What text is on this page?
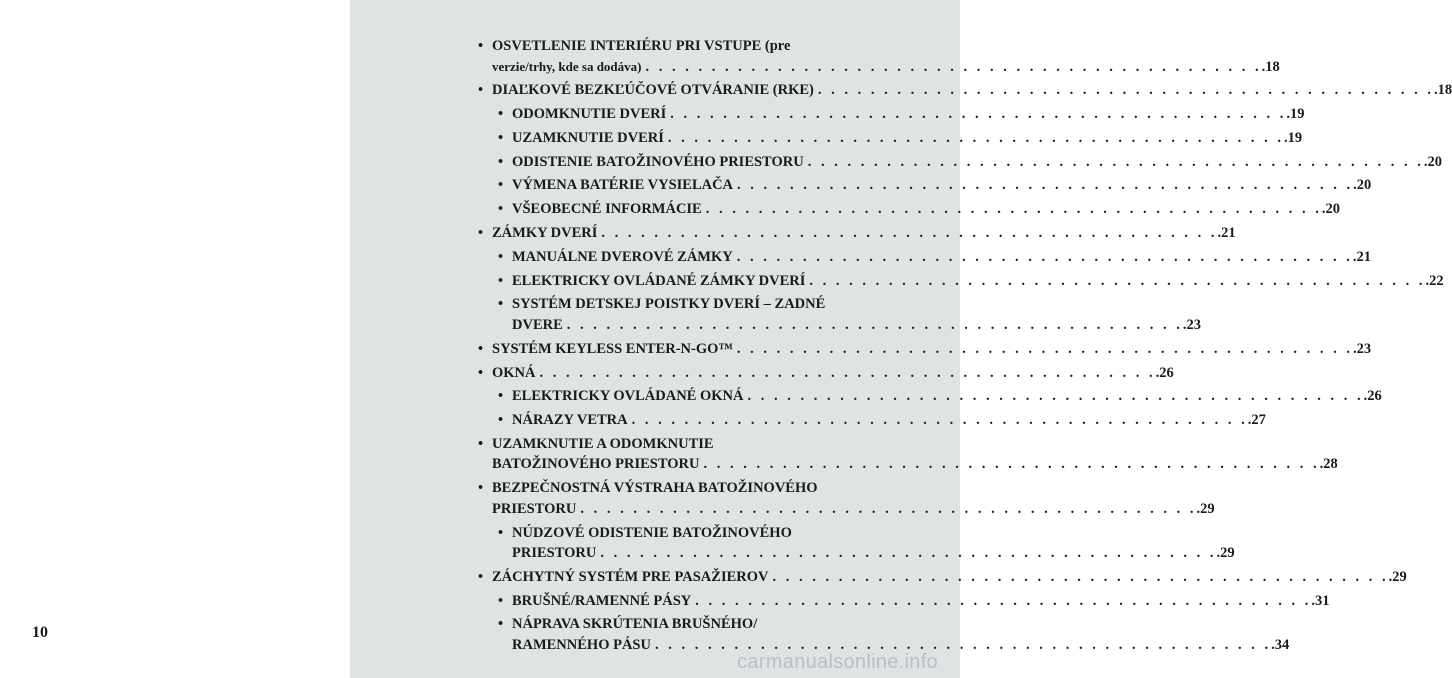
10
• OSVETLENIE INTERIÉRU PRI VSTUPE (pre
verzie/trhy, kde sa dodáva) . . . . . . . . . . . . . . . . . . . . . . . . . . . . . . . . . . . . . . . . . . . . . . . .18
• DIAĽKOVÉ BEZKĽÚČOVÉ OTVÁRANIE (RKE) . . . . . . . . . . . . . . . . . . . . . . . . . . . . . . . . . . . . . . . . . . . . . . . .18
• ODOMKNUTIE DVERÍ . . . . . . . . . . . . . . . . . . . . . . . . . . . . . . . . . . . . . . . . . . . . . . . .19
• UZAMKNUTIE DVERÍ . . . . . . . . . . . . . . . . . . . . . . . . . . . . . . . . . . . . . . . . . . . . . . . .19
• ODISTENIE BATOŽINOVÉHO PRIESTORU . . . . . . . . . . . . . . . . . . . . . . . . . . . . . . . . . . . . . . . . . . . . . . . .20
• VÝMENA BATÉRIE VYSIELAČA . . . . . . . . . . . . . . . . . . . . . . . . . . . . . . . . . . . . . . . . . . . . . . . .20
• VŠEOBECNÉ INFORMÁCIE . . . . . . . . . . . . . . . . . . . . . . . . . . . . . . . . . . . . . . . . . . . . . . . .20
• ZÁMKY DVERÍ . . . . . . . . . . . . . . . . . . . . . . . . . . . . . . . . . . . . . . . . . . . . . . . .21
• MANUÁLNE DVEROVÉ ZÁMKY . . . . . . . . . . . . . . . . . . . . . . . . . . . . . . . . . . . . . . . . . . . . . . . .21
• ELEKTRICKY OVLÁDANÉ ZÁMKY DVERÍ . . . . . . . . . . . . . . . . . . . . . . . . . . . . . . . . . . . . . . . . . . . . . . . .22
• SYSTÉM DETSKEJ POISTKY DVERÍ – ZADNÉ
DVERE . . . . . . . . . . . . . . . . . . . . . . . . . . . . . . . . . . . . . . . . . . . . . . . .23
• SYSTÉM KEYLESS ENTER-N-GO™ . . . . . . . . . . . . . . . . . . . . . . . . . . . . . . . . . . . . . . . . . . . . . . . .23
• OKNÁ . . . . . . . . . . . . . . . . . . . . . . . . . . . . . . . . . . . . . . . . . . . . . . . .26
• ELEKTRICKY OVLÁDANÉ OKNÁ . . . . . . . . . . . . . . . . . . . . . . . . . . . . . . . . . . . . . . . . . . . . . . . .26
• NÁRAZY VETRA . . . . . . . . . . . . . . . . . . . . . . . . . . . . . . . . . . . . . . . . . . . . . . . .27
• UZAMKNUTIE A ODOMKNUTIE
BATOŽINOVÉHO PRIESTORU . . . . . . . . . . . . . . . . . . . . . . . . . . . . . . . . . . . . . . . . . . . . . . . .28
• BEZPEČNOSTNÁ VÝSTRAHA BATOŽINOVÉHO
PRIESTORU . . . . . . . . . . . . . . . . . . . . . . . . . . . . . . . . . . . . . . . . . . . . . . . .29
• NÚDZOVÉ ODISTENIE BATOŽINOVÉHO
PRIESTORU . . . . . . . . . . . . . . . . . . . . . . . . . . . . . . . . . . . . . . . . . . . . . . . .29
• ZÁCHYTNÝ SYSTÉM PRE PASAŽIEROV . . . . . . . . . . . . . . . . . . . . . . . . . . . . . . . . . . . . . . . . . . . . . . . .29
• BRUŠNÉ/RAMENNÉ PÁSY . . . . . . . . . . . . . . . . . . . . . . . . . . . . . . . . . . . . . . . . . . . . . . . .31
• NÁPRAVA SKRÚTENIA BRUŠNÉHO/
RAMENNÉHO PÁSU . . . . . . . . . . . . . . . . . . . . . . . . . . . . . . . . . . . . . . . . . . . . . . . .34
carmanualsonline.info
